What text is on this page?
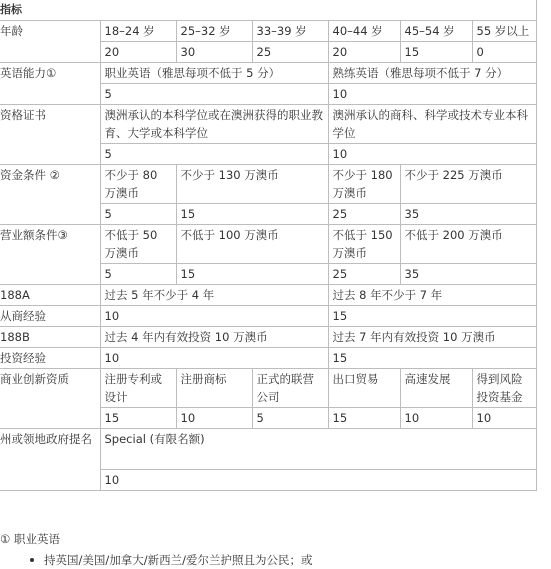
指标						
年龄	18–24 岁	25–32 岁	33–39 岁	40–44 岁	45–54 岁	55 岁以上
	20	30	25	20	15	0
英语能力①	职业英语（雅思每项不低于 5 分）			熟练英语（雅思每项不低于 7 分）		
	5			10		
资格证书	澳洲承认的本科学位或在澳洲获得的职业教育、大学或本科学位			澳洲承认的商科、科学或技术专业本科学位		
	5			10		
资金条件 ②	不少于 80 万澳币	不少于 130 万澳币		不少于 180 万澳币	不少于 225 万澳币	
	5	15		25	35	
营业额条件③	不低于 50 万澳币	不低于 100 万澳币		不低于 150 万澳币	不低于 200 万澳币	
	5	15		25	35	
188A	过去 5 年不少于 4 年			过去 8 年不少于 7 年		
从商经验	10			15		
188B	过去 4 年内有效投资 10 万澳币			过去 7 年内有效投资 10 万澳币		
投资经验	10			15		
商业创新资质	注册专利或设计	注册商标	正式的联营公司	出口贸易	高速发展	得到风险投资基金
	15	10	5	15	10	10
州或领地政府提名	Special (有限名额)					
	10					
① 职业英语
持英国/美国/加拿大/新西兰/爱尔兰护照且为公民；或
